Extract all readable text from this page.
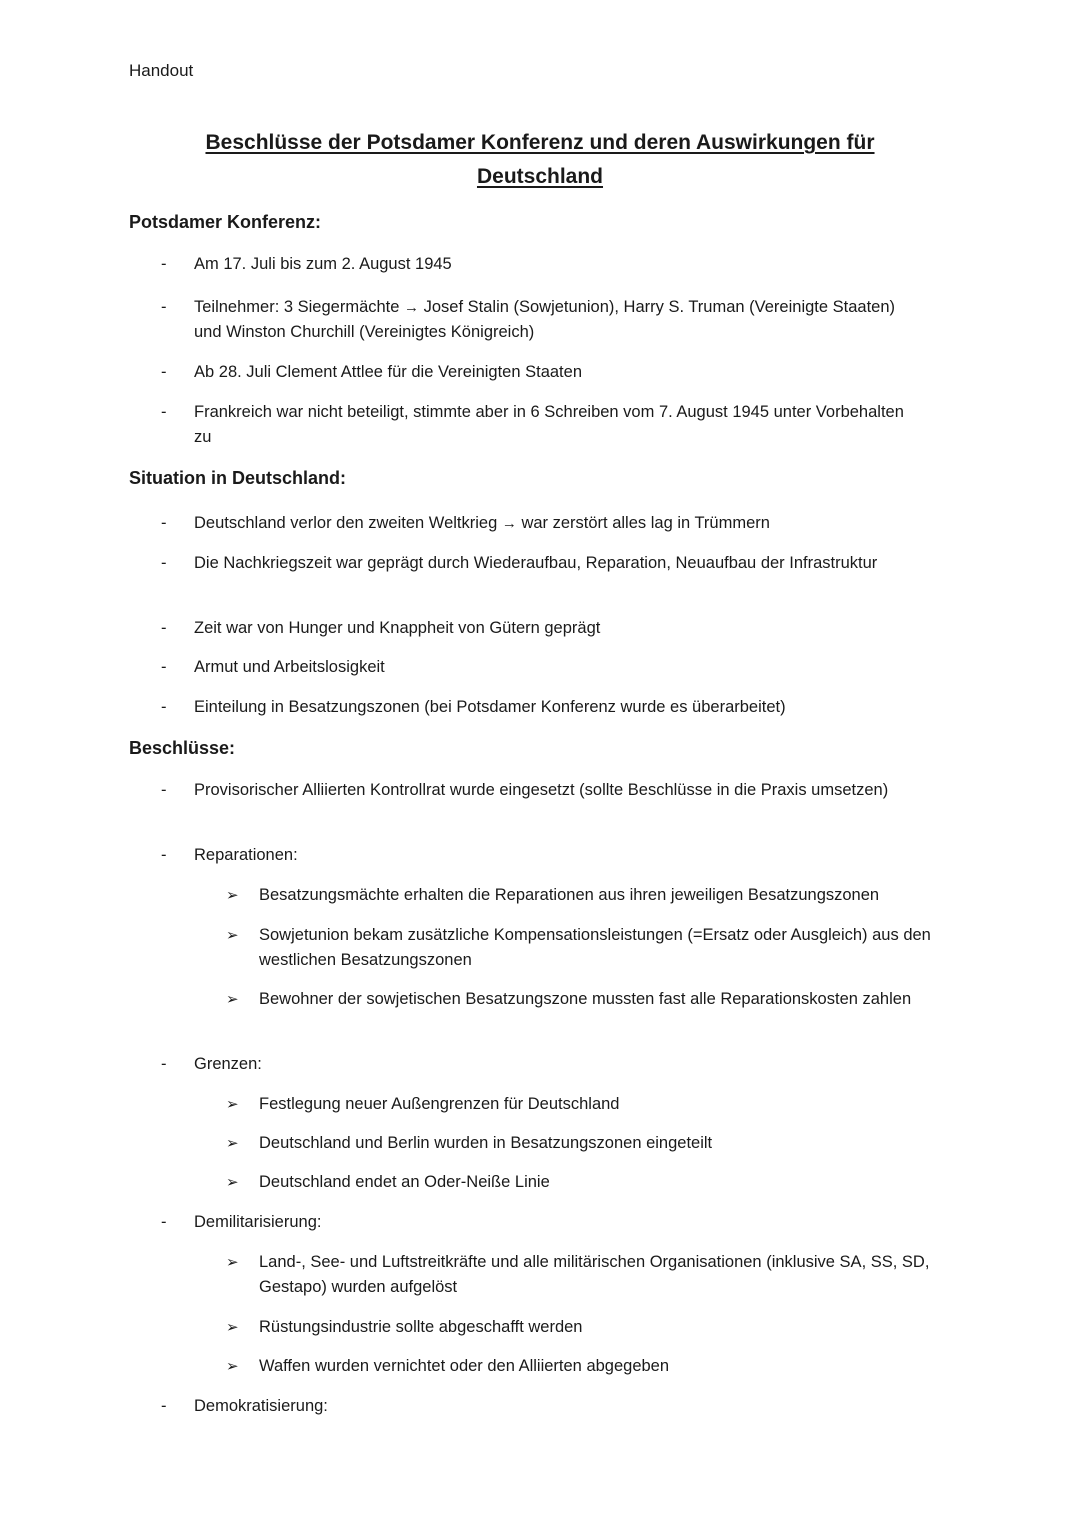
Handout
Beschlüsse der Potsdamer Konferenz und deren Auswirkungen für
Deutschland
Potsdamer Konferenz:
- Am 17. Juli bis zum 2. August 1945
- Teilnehmer: 3 Siegermächte → Josef Stalin (Sowjetunion), Harry S. Truman (Vereinigte Staaten) und Winston Churchill (Vereinigtes Königreich)
- Ab 28. Juli Clement Attlee für die Vereinigten Staaten
- Frankreich war nicht beteiligt, stimmte aber in 6 Schreiben vom 7. August 1945 unter Vorbehalten zu
Situation in Deutschland:
- Deutschland verlor den zweiten Weltkrieg → war zerstört alles lag in Trümmern
- Die Nachkriegszeit war geprägt durch Wiederaufbau, Reparation, Neuaufbau der Infrastruktur
- Zeit war von Hunger und Knappheit von Gütern geprägt
- Armut und Arbeitslosigkeit
- Einteilung in Besatzungszonen (bei Potsdamer Konferenz wurde es überarbeitet)
Beschlüsse:
- Provisorischer Alliierten Kontrollrat wurde eingesetzt (sollte Beschlüsse in die Praxis umsetzen)
- Reparationen:
➢ Besatzungsmächte erhalten die Reparationen aus ihren jeweiligen Besatzungszonen
➢ Sowjetunion bekam zusätzliche Kompensationsleistungen (=Ersatz oder Ausgleich) aus den westlichen Besatzungszonen
➢ Bewohner der sowjetischen Besatzungszone mussten fast alle Reparationskosten zahlen
- Grenzen:
➢ Festlegung neuer Außengrenzen für Deutschland
➢ Deutschland und Berlin wurden in Besatzungszonen eingeteilt
➢ Deutschland endet an Oder-Neiße Linie
- Demilitarisierung:
➢ Land-, See- und Luftstreitkräfte und alle militärischen Organisationen (inklusive SA, SS, SD, Gestapo) wurden aufgelöst
➢ Rüstungsindustrie sollte abgeschafft werden
➢ Waffen wurden vernichtet oder den Alliierten abgegeben
- Demokratisierung:
